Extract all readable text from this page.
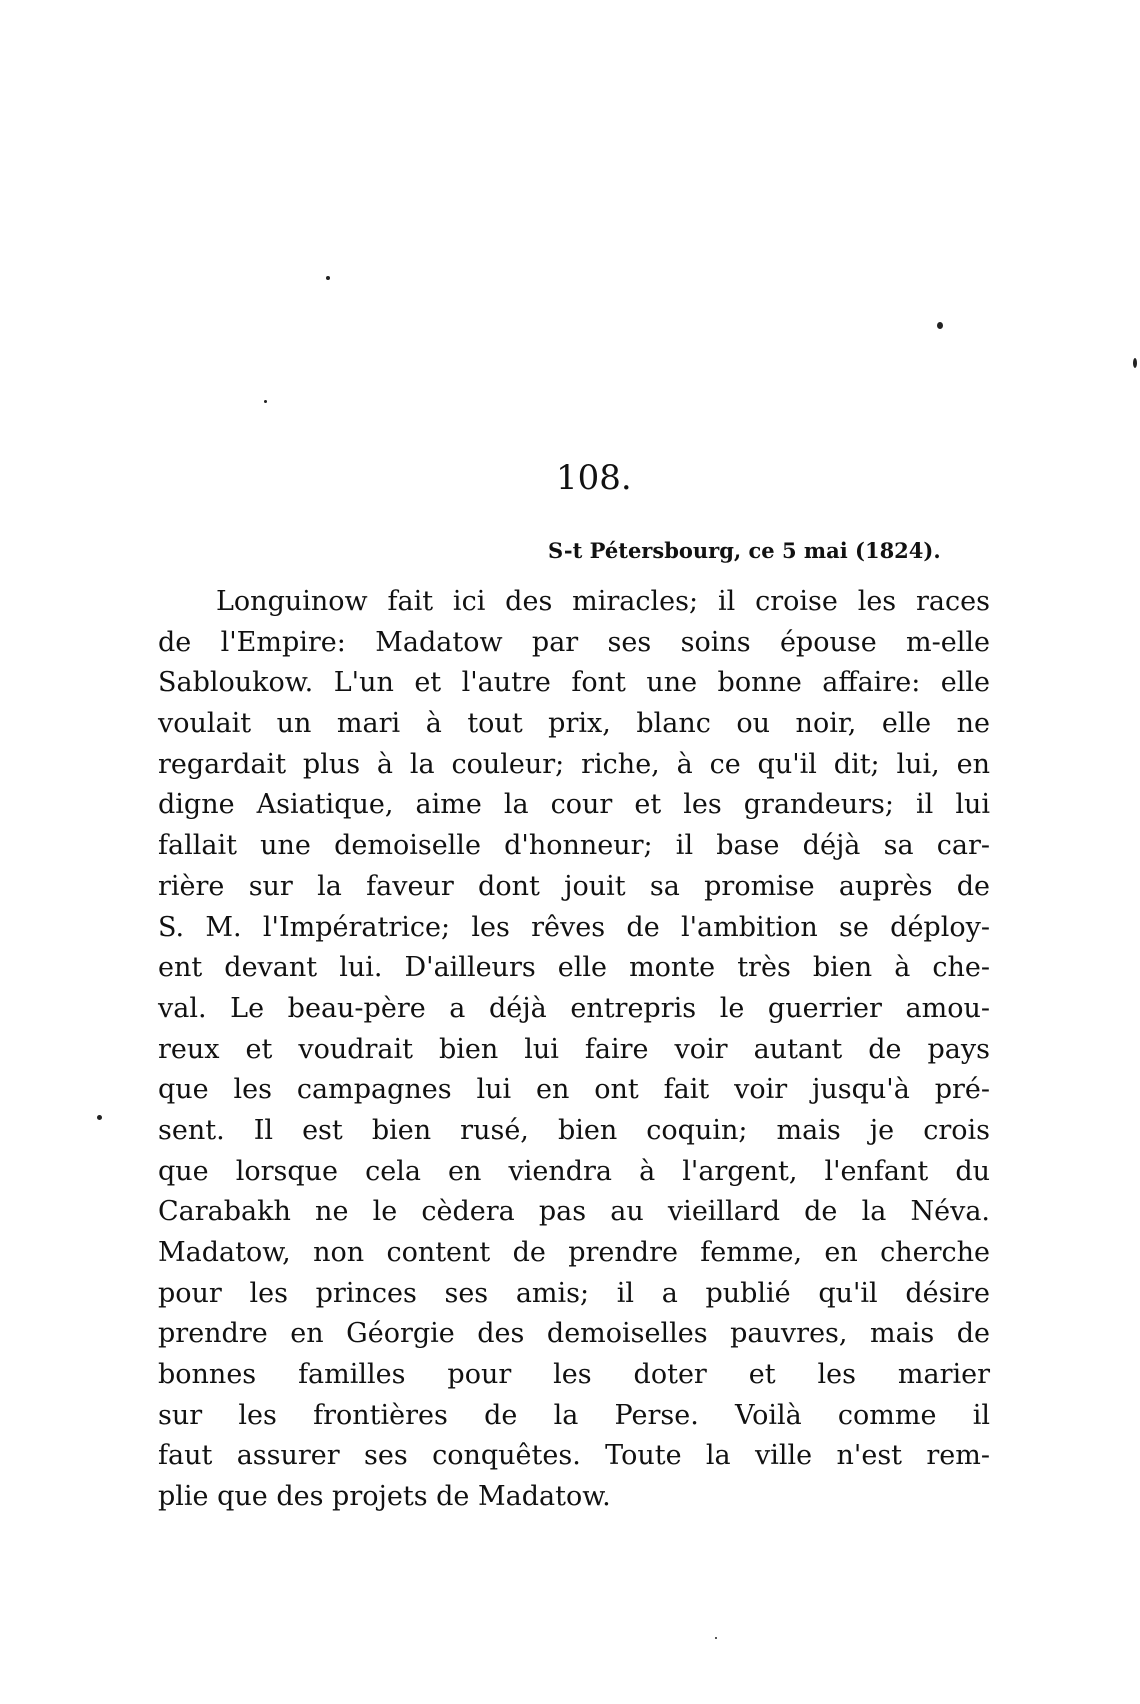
108.
S-t Pétersbourg, ce 5 mai (1824).
Longuinow fait ici des miracles; il croise les races
de l'Empire: Madatow par ses soins épouse m-elle
Sabloukow. L'un et l'autre font une bonne affaire: elle
voulait un mari à tout prix, blanc ou noir, elle ne
regardait plus à la couleur; riche, à ce qu'il dit; lui, en
digne Asiatique, aime la cour et les grandeurs; il lui
fallait une demoiselle d'honneur; il base déjà sa car-
rière sur la faveur dont jouit sa promise auprès de
S. M. l'Impératrice; les rêves de l'ambition se déploy-
ent devant lui. D'ailleurs elle monte très bien à che-
val. Le beau-père a déjà entrepris le guerrier amou-
reux et voudrait bien lui faire voir autant de pays
que les campagnes lui en ont fait voir jusqu'à pré-
sent. Il est bien rusé, bien coquin; mais je crois
que lorsque cela en viendra à l'argent, l'enfant du
Carabakh ne le cèdera pas au vieillard de la Néva.
Madatow, non content de prendre femme, en cherche
pour les princes ses amis; il a publié qu'il désire
prendre en Géorgie des demoiselles pauvres, mais de
bonnes familles pour les doter et les marier
sur les frontières de la Perse. Voilà comme il
faut assurer ses conquêtes. Toute la ville n'est rem-
plie que des projets de Madatow.
